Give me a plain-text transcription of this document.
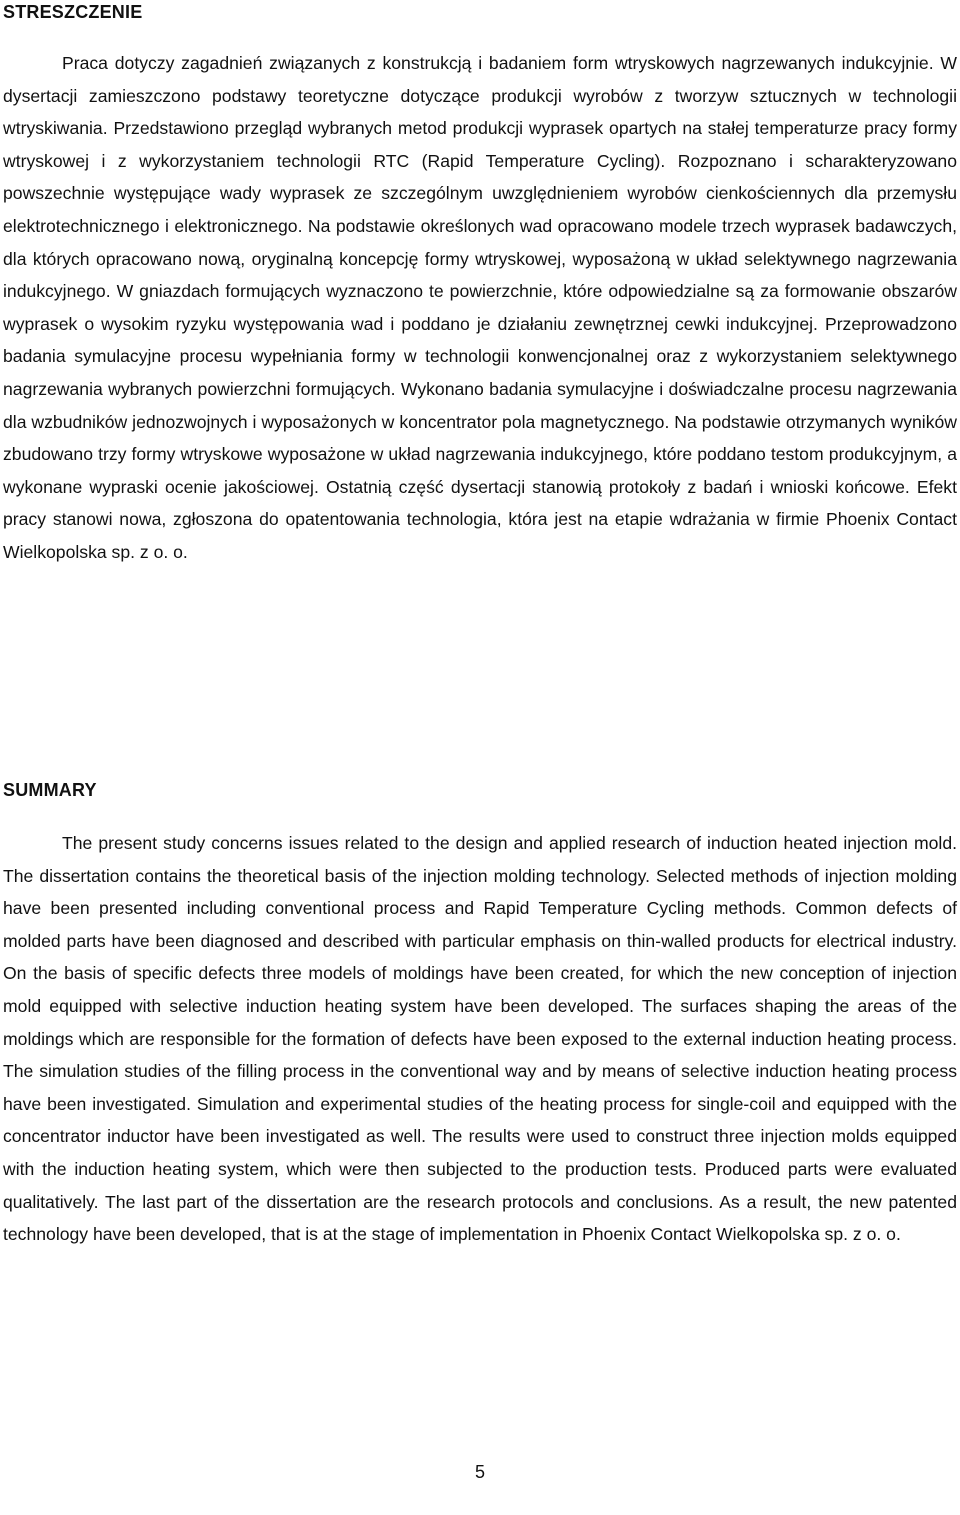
STRESZCZENIE

Praca dotyczy zagadnień związanych z konstrukcją i badaniem form wtryskowych nagrzewanych indukcyjnie. W dysertacji zamieszczono podstawy teoretyczne dotyczące produkcji wyrobów z tworzyw sztucznych w technologii wtryskiwania. Przedstawiono przegląd wybranych metod produkcji wyprasek opartych na stałej temperaturze pracy formy wtryskowej i z wykorzystaniem technologii RTC (Rapid Temperature Cycling). Rozpoznano i scharakteryzowano powszechnie występujące wady wyprasek ze szczególnym uwzględnieniem wyrobów cienkościennych dla przemysłu elektrotechnicznego i elektronicznego. Na podstawie określonych wad opracowano modele trzech wyprasek badawczych, dla których opracowano nową, oryginalną koncepcję formy wtryskowej, wyposażoną w układ selektywnego nagrzewania indukcyjnego. W gniazdach formujących wyznaczono te powierzchnie, które odpowiedzialne są za formowanie obszarów wyprasek o wysokim ryzyku występowania wad i poddano je działaniu zewnętrznej cewki indukcyjnej. Przeprowadzono badania symulacyjne procesu wypełniania formy w technologii konwencjonalnej oraz z wykorzystaniem selektywnego nagrzewania wybranych powierzchni formujących. Wykonano badania symulacyjne i doświadczalne procesu nagrzewania dla wzbudników jednozwojnych i wyposażonych w koncentrator pola magnetycznego. Na podstawie otrzymanych wyników zbudowano trzy formy wtryskowe wyposażone w układ nagrzewania indukcyjnego, które poddano testom produkcyjnym, a wykonane wypraski ocenie jakościowej. Ostatnią część dysertacji stanowią protokoły z badań i wnioski końcowe. Efekt pracy stanowi nowa, zgłoszona do opatentowania technologia, która jest na etapie wdrażania w firmie Phoenix Contact Wielkopolska sp. z o. o.

SUMMARY

The present study concerns issues related to the design and applied research of induction heated injection mold. The dissertation contains the theoretical basis of the injection molding technology. Selected methods of injection molding have been presented including conventional process and Rapid Temperature Cycling methods. Common defects of molded parts have been diagnosed and described with particular emphasis on thin-walled products for electrical industry. On the basis of specific defects three models of moldings have been created, for which the new conception of injection mold equipped with selective induction heating system have been developed. The surfaces shaping the areas of the moldings which are responsible for the formation of defects have been exposed to the external induction heating process. The simulation studies of the filling process in the conventional way and by means of selective induction heating process have been investigated. Simulation and experimental studies of the heating process for single-coil and equipped with the concentrator inductor have been investigated as well. The results were used to construct three injection molds equipped with the induction heating system, which were then subjected to the production tests. Produced parts were evaluated qualitatively. The last part of the dissertation are the research protocols and conclusions. As a result, the new patented technology have been developed, that is at the stage of implementation in Phoenix Contact Wielkopolska sp. z o. o.

5
